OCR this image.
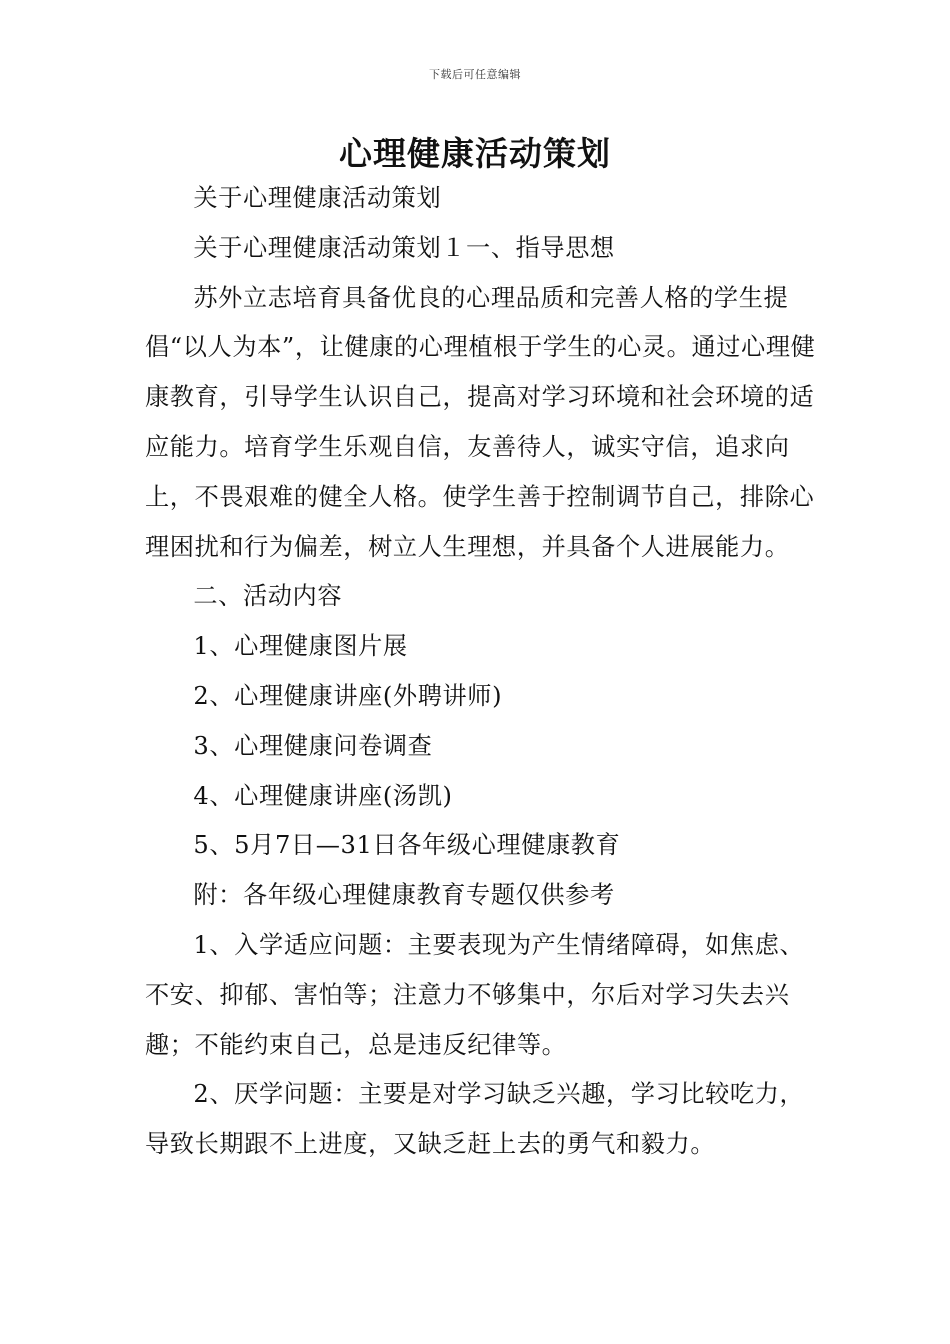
下载后可任意编辑
心理健康活动策划

关于心理健康活动策划

关于心理健康活动策划１一、指导思想

苏外立志培育具备优良的心理品质和完善人格的学生提倡“以人为本”，让健康的心理植根于学生的心灵。通过心理健康教育，引导学生认识自己，提高对学习环境和社会环境的适应能力。培育学生乐观自信，友善待人，诚实守信，追求向上，不畏艰难的健全人格。使学生善于控制调节自己，排除心理困扰和行为偏差，树立人生理想，并具备个人进展能力。

二、活动内容

1、心理健康图片展

2、心理健康讲座(外聘讲师)

3、心理健康问卷调查

4、心理健康讲座(汤凯)

5、5月7日—31日各年级心理健康教育

附：各年级心理健康教育专题仅供参考

1、入学适应问题：主要表现为产生情绪障碍，如焦虑、不安、抑郁、害怕等；注意力不够集中，尔后对学习失去兴趣；不能约束自己，总是违反纪律等。

2、厌学问题：主要是对学习缺乏兴趣，学习比较吃力，导致长期跟不上进度，又缺乏赶上去的勇气和毅力。
